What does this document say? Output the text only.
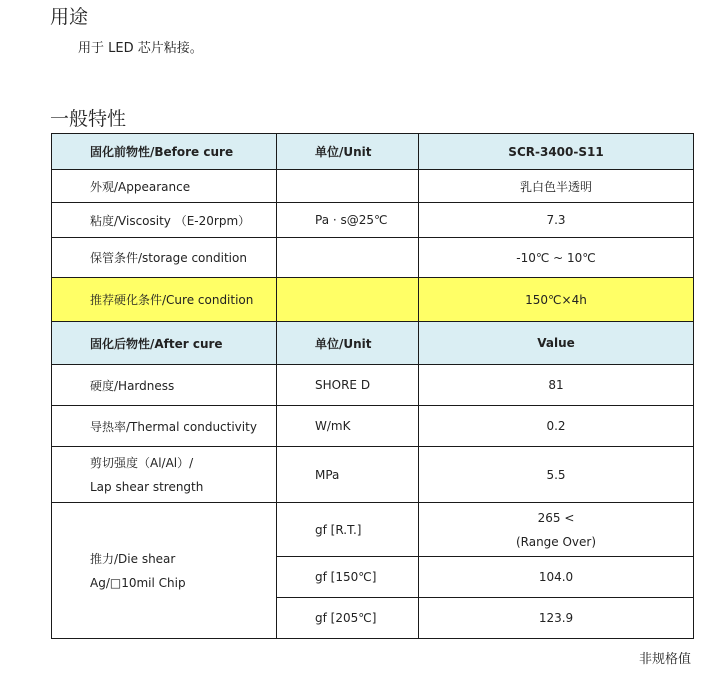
用途
用于 LED 芯片粘接。
一般特性
固化前物性/Before cure	单位/Unit	SCR-3400-S11
外观/Appearance		乳白色半透明
粘度/Viscosity （E-20rpm）	Pa · s@25℃	7.3
保管条件/storage condition		-10℃ ~ 10℃
推荐硬化条件/Cure condition		150℃×4h
固化后物性/After cure	单位/Unit	Value
硬度/Hardness	SHORE D	81
导热率/Thermal conductivity	W/mK	0.2

剪切强度（Al/Al）/
Lap shear strength	MPa	5.5

推力/Die shear
Ag/□10mil Chip	gf [R.T.]	265 <
(Range Over)

	gf [150℃]	104.0
	gf [205℃]	123.9
非规格值
